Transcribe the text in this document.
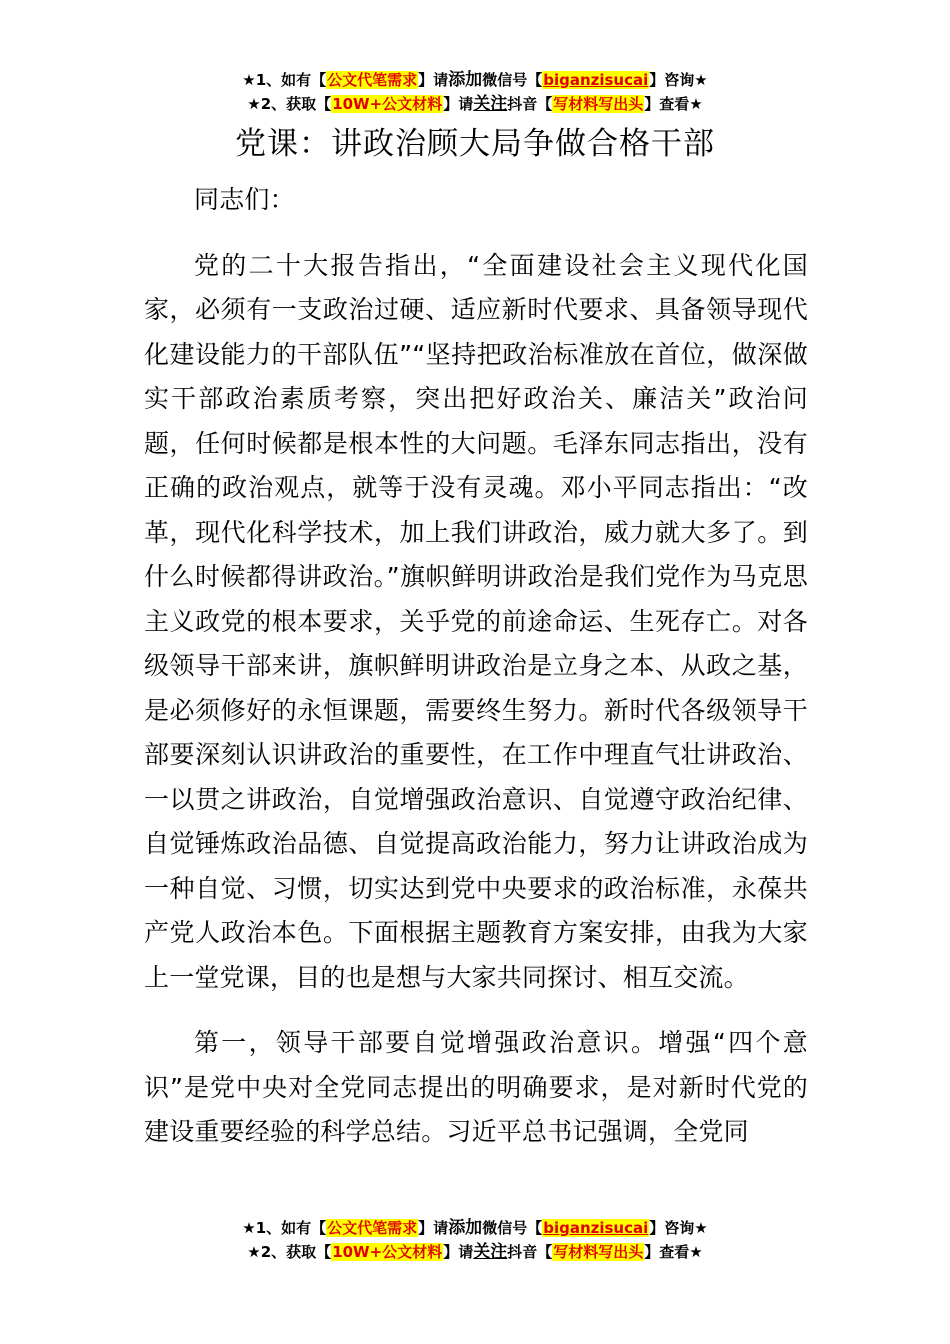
★1、如有【公文代笔需求】请添加微信号【biganzisucai】咨询★
★2、获取【10W+公文材料】请关注抖音【写材料写出头】查看★
党课：讲政治顾大局争做合格干部

同志们：

党的二十大报告指出，“全面建设社会主义现代化国家，必须有一支政治过硬、适应新时代要求、具备领导现代化建设能力的干部队伍”“坚持把政治标准放在首位，做深做实干部政治素质考察，突出把好政治关、廉洁关”政治问题，任何时候都是根本性的大问题。毛泽东同志指出，没有正确的政治观点，就等于没有灵魂。邓小平同志指出：“改革，现代化科学技术，加上我们讲政治，威力就大多了。到什么时候都得讲政治。”旗帜鲜明讲政治是我们党作为马克思主义政党的根本要求，关乎党的前途命运、生死存亡。对各级领导干部来讲，旗帜鲜明讲政治是立身之本、从政之基，是必须修好的永恒课题，需要终生努力。新时代各级领导干部要深刻认识讲政治的重要性，在工作中理直气壮讲政治、一以贯之讲政治，自觉增强政治意识、自觉遵守政治纪律、自觉锤炼政治品德、自觉提高政治能力，努力让讲政治成为一种自觉、习惯，切实达到党中央要求的政治标准，永葆共产党人政治本色。下面根据主题教育方案安排，由我为大家上一堂党课，目的也是想与大家共同探讨、相互交流。

第一，领导干部要自觉增强政治意识。增强“四个意识”是党中央对全党同志提出的明确要求，是对新时代党的建设重要经验的科学总结。习近平总书记强调，全党同

★1、如有【公文代笔需求】请添加微信号【biganzisucai】咨询★
★2、获取【10W+公文材料】请关注抖音【写材料写出头】查看★
